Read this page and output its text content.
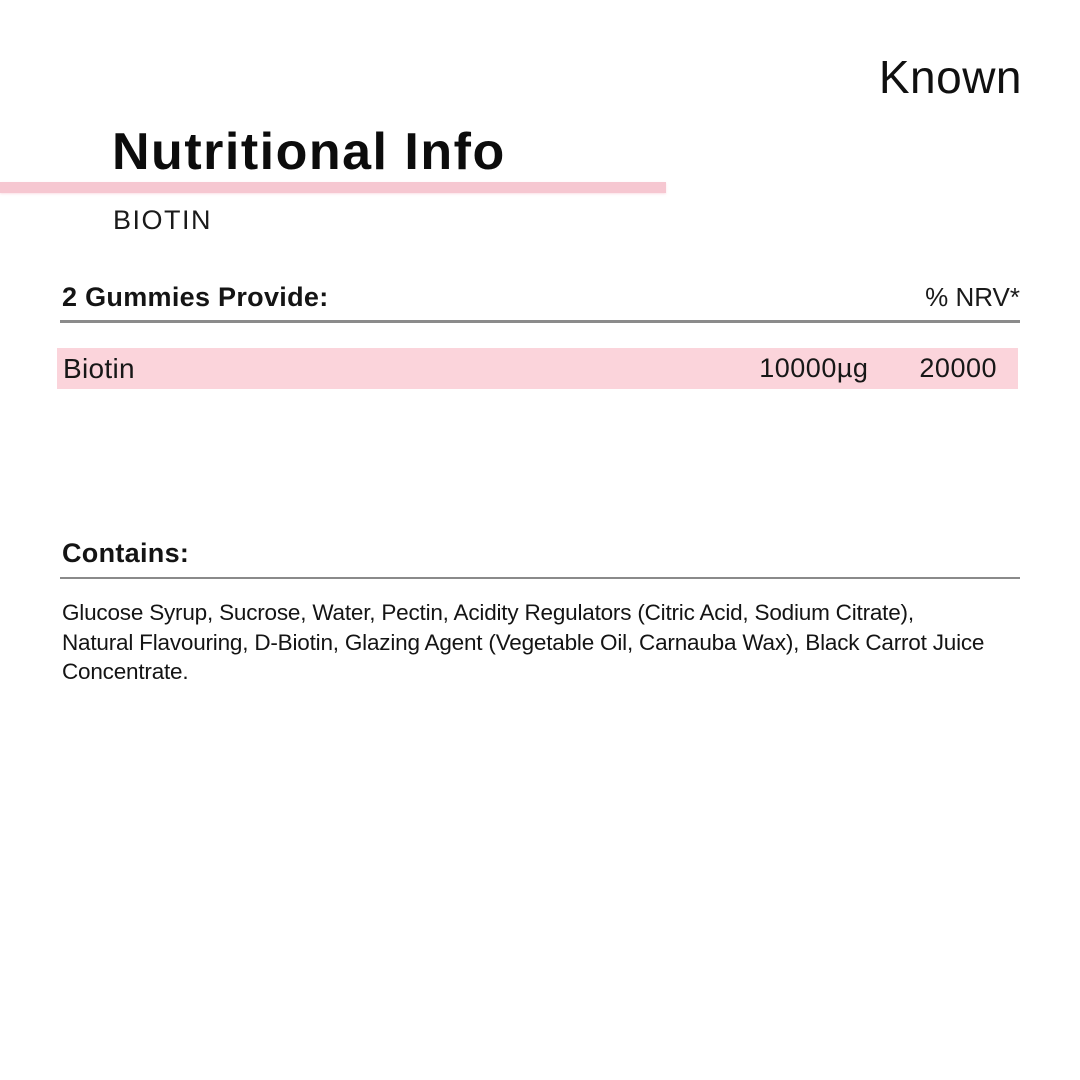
Known
Nutritional Info
BIOTIN
2 Gummies Provide:	% NRV*
Biotin	10000µg 20000
Contains:
Glucose Syrup, Sucrose, Water, Pectin, Acidity Regulators (Citric Acid, Sodium Citrate), Natural Flavouring, D-Biotin, Glazing Agent (Vegetable Oil, Carnauba Wax), Black Carrot Juice Concentrate.
